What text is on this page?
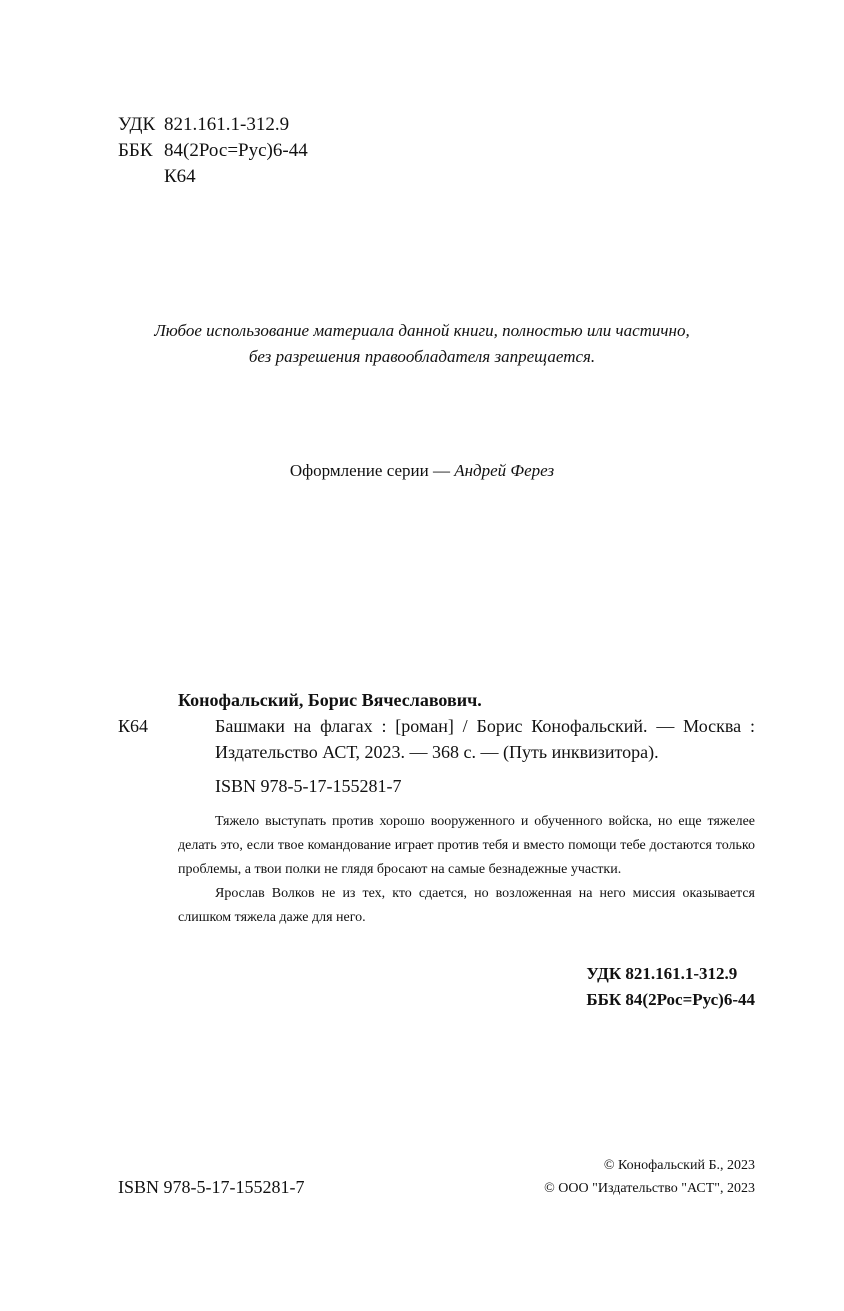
УДК 821.161.1-312.9
ББК 84(2Рос=Рус)6-44
К64
Любое использование материала данной книги, полностью или частично,
без разрешения правообладателя запрещается.
Оформление серии — Андрей Ферез
Конофальский, Борис Вячеславович.
К64	Башмаки на флагах : [роман] / Борис Конофальский. — Москва : Издательство АСТ, 2023. — 368 с. — (Путь инквизитора).
ISBN 978-5-17-155281-7

Тяжело выступать против хорошо вооруженного и обученного войска, но еще тяжелее делать это, если твое командование играет против тебя и вместо помощи тебе достаются только проблемы, а твои полки не глядя бросают на самые безнадежные участки.

Ярослав Волков не из тех, кто сдается, но возложенная на него миссия оказывается слишком тяжела даже для него.

УДК 821.161.1-312.9
ББК 84(2Рос=Рус)6-44
© Конофальский Б., 2023
© ООО "Издательство "АСТ", 2023
ISBN 978-5-17-155281-7
